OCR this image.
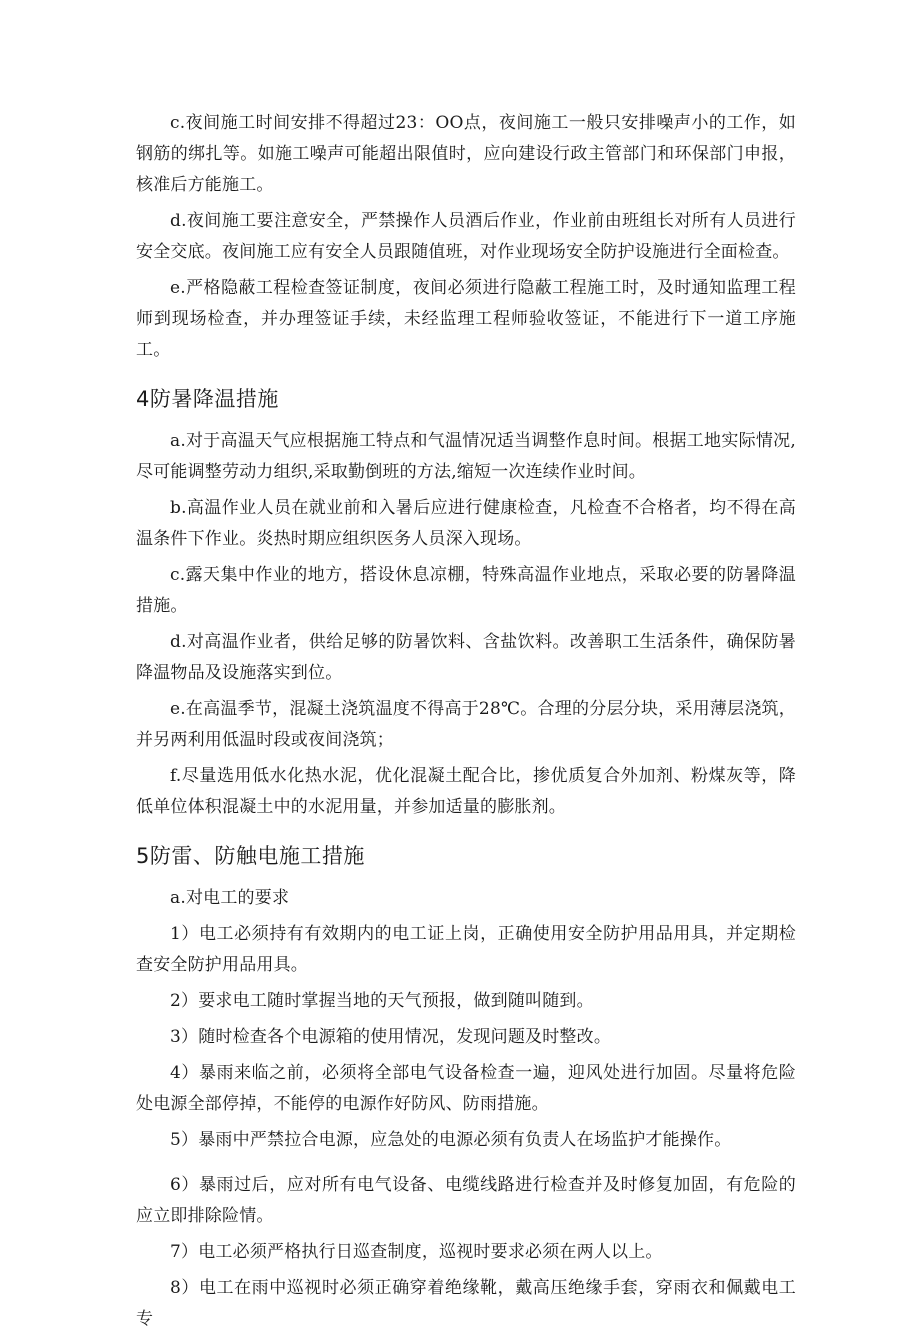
c.夜间施工时间安排不得超过23：OO点，夜间施工一般只安排噪声小的工作，如钢筋的绑扎等。如施工噪声可能超出限值时，应向建设行政主管部门和环保部门申报，核准后方能施工。

d.夜间施工要注意安全，严禁操作人员酒后作业，作业前由班组长对所有人员进行安全交底。夜间施工应有安全人员跟随值班，对作业现场安全防护设施进行全面检查。

e.严格隐蔽工程检查签证制度，夜间必须进行隐蔽工程施工时，及时通知监理工程师到现场检查，并办理签证手续，未经监理工程师验收签证，不能进行下一道工序施工。

4防暑降温措施

a.对于高温天气应根据施工特点和气温情况适当调整作息时间。根据工地实际情况,尽可能调整劳动力组织,采取勤倒班的方法,缩短一次连续作业时间。

b.高温作业人员在就业前和入暑后应进行健康检查，凡检查不合格者，均不得在高温条件下作业。炎热时期应组织医务人员深入现场。

c.露天集中作业的地方，搭设休息凉棚，特殊高温作业地点，采取必要的防暑降温措施。

d.对高温作业者，供给足够的防暑饮料、含盐饮料。改善职工生活条件，确保防暑降温物品及设施落实到位。

e.在高温季节，混凝土浇筑温度不得高于28℃。合理的分层分块，采用薄层浇筑，并另两利用低温时段或夜间浇筑；

f.尽量选用低水化热水泥，优化混凝土配合比，掺优质复合外加剂、粉煤灰等，降低单位体积混凝土中的水泥用量，并参加适量的膨胀剂。

5防雷、防触电施工措施

a.对电工的要求

1）电工必须持有有效期内的电工证上岗，正确使用安全防护用品用具，并定期检查安全防护用品用具。

2）要求电工随时掌握当地的天气预报，做到随叫随到。

3）随时检查各个电源箱的使用情况，发现问题及时整改。

4）暴雨来临之前，必须将全部电气设备检查一遍，迎风处进行加固。尽量将危险处电源全部停掉，不能停的电源作好防风、防雨措施。

5）暴雨中严禁拉合电源，应急处的电源必须有负责人在场监护才能操作。

6）暴雨过后，应对所有电气设备、电缆线路进行检查并及时修复加固，有危险的应立即排除险情。

7）电工必须严格执行日巡查制度，巡视时要求必须在两人以上。

8）电工在雨中巡视时必须正确穿着绝缘靴，戴高压绝缘手套，穿雨衣和佩戴电工专
